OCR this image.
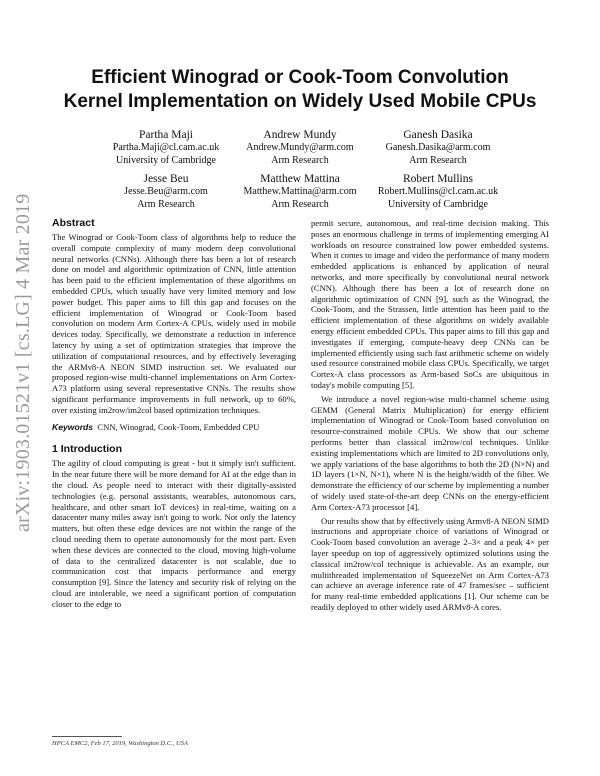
Efficient Winograd or Cook-Toom Convolution
Kernel Implementation on Widely Used Mobile CPUs
Partha Maji
Partha.Maji@cl.cam.ac.uk
University of Cambridge
Andrew Mundy
Andrew.Mundy@arm.com
Arm Research
Ganesh Dasika
Ganesh.Dasika@arm.com
Arm Research
Jesse Beu
Jesse.Beu@arm.com
Arm Research
Matthew Mattina
Matthew.Mattina@arm.com
Arm Research
Robert Mullins
Robert.Mullins@cl.cam.ac.uk
University of Cambridge
arXiv:1903.01521v1 [cs.LG] 4 Mar 2019 Abstract

The Winograd or Cook-Toom class of algorithms help to reduce the overall compute complexity of many modern deep convolutional neural networks (CNNs). Although there has been a lot of research done on model and algorithmic optimization of CNN, little attention has been paid to the efficient implementation of these algorithms on embedded CPUs, which usually have very limited memory and low power budget. This paper aims to fill this gap and focuses on the efficient implementation of Winograd or Cook-Toom based convolution on modern Arm Cortex-A CPUs, widely used in mobile devices today. Specifically, we demonstrate a reduction in inference latency by using a set of optimization strategies that improve the utilization of computational resources, and by effectively leveraging the ARMv8-A NEON SIMD instruction set. We evaluated our proposed region-wise multi-channel implementations on Arm Cortex-A73 platform using several representative CNNs. The results show significant performance improvements in full network, up to 60%, over existing im2row/im2col based optimization techniques.

Keywords CNN, Winograd, Cook-Toom, Embedded CPU

1 Introduction

The agility of cloud computing is great - but it simply isn't sufficient. In the near future there will be more demand for AI at the edge than in the cloud. As people need to interact with their digitally-assisted technologies (e.g. personal assistants, wearables, autonomous cars, healthcare, and other smart IoT devices) in real-time, waiting on a datacenter many miles away isn't going to work. Not only the latency matters, but often these edge devices are not within the range of the cloud needing them to operate autonomously for the most part. Even when these devices are connected to the cloud, moving high-volume of data to the centralized datacenter is not scalable, due to communication cost that impacts performance and energy consumption [9]. Since the latency and security risk of relying on the cloud are intolerable, we need a significant portion of computation closer to the edge to

permit secure, autonomous, and real-time decision making. This poses an enormous challenge in terms of implementing emerging AI workloads on resource constrained low power embedded systems. When it comes to image and video the performance of many modern embedded applications is enhanced by application of neural networks, and more specifically by convolutional neural network (CNN). Although there has been a lot of research done on algorithmic optimization of CNN [9], such as the Winograd, the Cook-Toom, and the Strassen, little attention has been paid to the efficient implementation of these algorithms on widely available energy efficient embedded CPUs. This paper aims to fill this gap and investigates if emerging, compute-heavy deep CNNs can be implemented efficiently using such fast arithmetic scheme on widely used resource constrained mobile class CPUs. Specifically, we target Cortex-A class processors as Arm-based SoCs are ubiquitous in today's mobile computing [5].

We introduce a novel region-wise multi-channel scheme using GEMM (General Matrix Multiplication) for energy efficient implementation of Winograd or Cook-Toom based convolution on resource-constrained mobile CPUs. We show that our scheme performs better than classical im2row/col techniques. Unlike existing implementations which are limited to 2D convolutions only, we apply variations of the base algorithms to both the 2D (N×N) and 1D layers (1×N, N×1), where N is the height/width of the filter. We demonstrate the efficiency of our scheme by implementing a number of widely used state-of-the-art deep CNNs on the energy-efficient Arm Cortex-A73 processor [4].

Our results show that by effectively using Armv8-A NEON SIMD instructions and appropriate choice of variations of Winograd or Cook-Toom based convolution an average 2–3× and a peak 4× per layer speedup on top of aggressively optimized solutions using the classical im2row/col technique is achievable. As an example, our multithreaded implementation of SqueezeNet on Arm Cortex-A73 can achieve an average inference rate of 47 frames/sec – sufficient for many real-time embedded applications [1]. Our scheme can be readily deployed to other widely used ARMv8-A cores.

HPCA EMC2, Feb 17, 2019, Washington D.C., USA
